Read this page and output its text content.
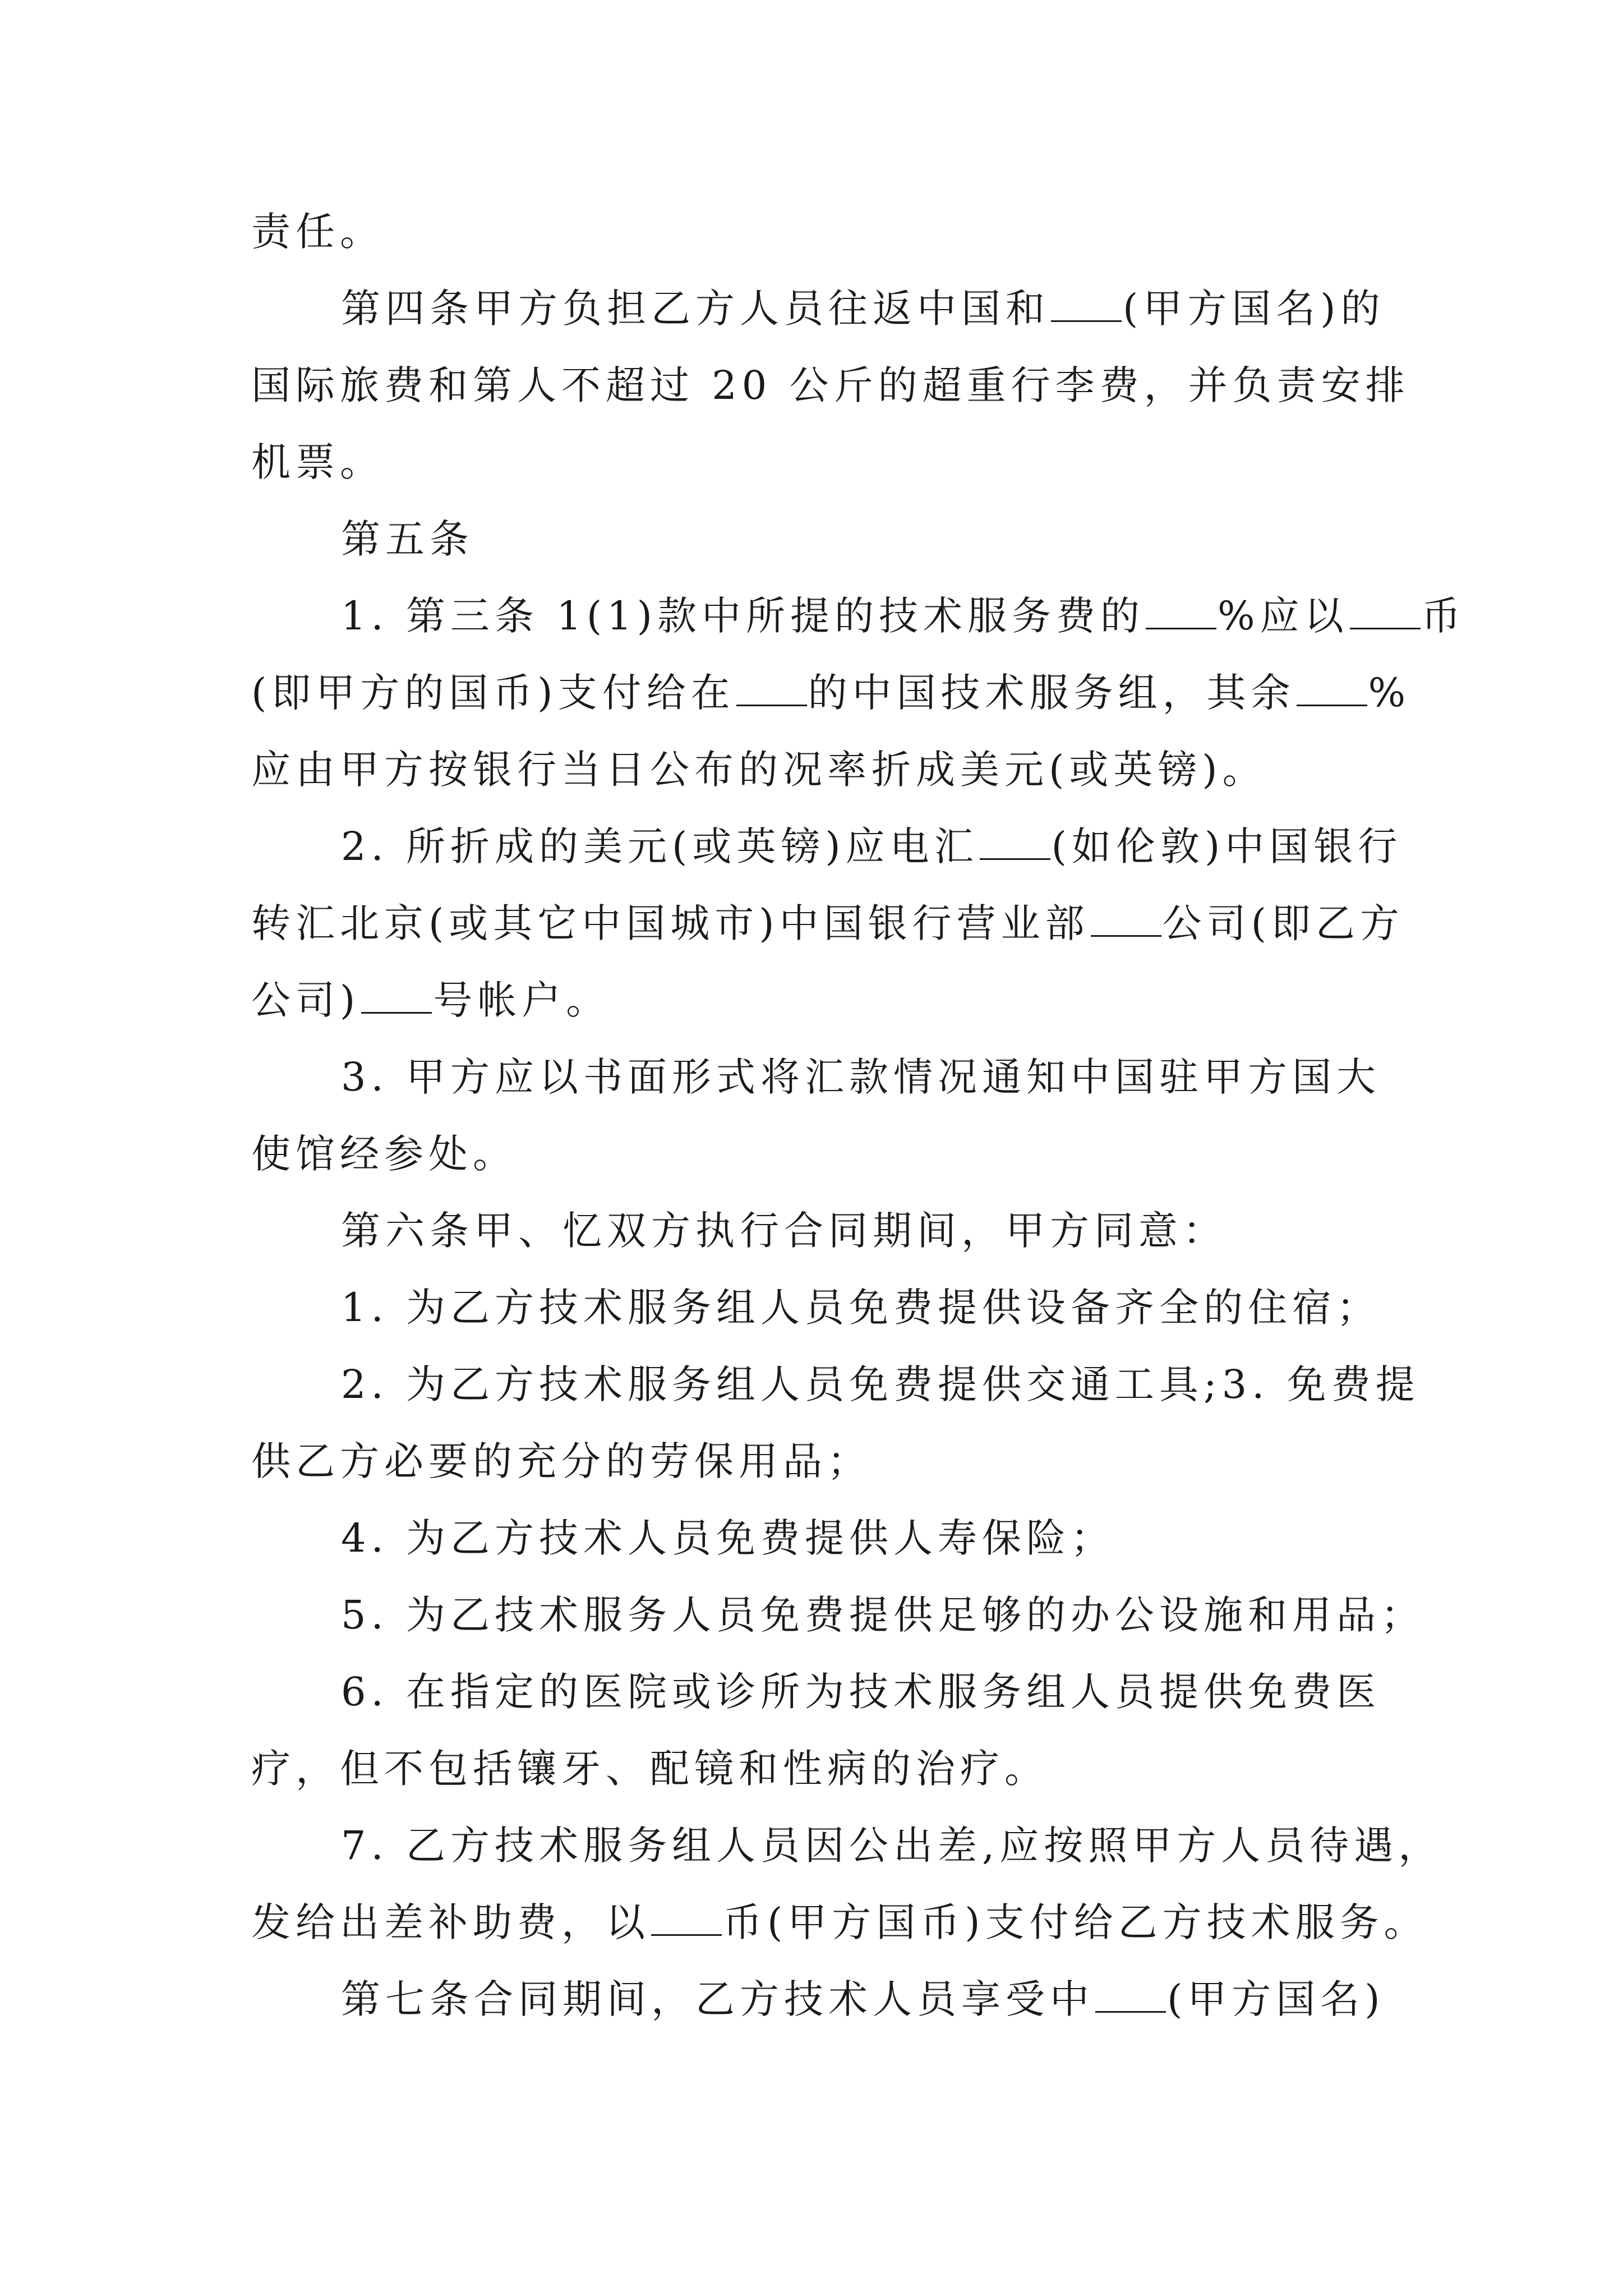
责任。
第四条甲方负担乙方人员往返中国和 (甲方国名)的
国际旅费和第人不超过 20 公斤的超重行李费，并负责安排
机票。
第五条
1. 第三条 1(1)款中所提的技术服务费的 %应以 币
(即甲方的国币)支付给在 的中国技术服务组，其余 %
应由甲方按银行当日公布的况率折成美元(或英镑)。
2. 所折成的美元(或英镑)应电汇 (如伦敦)中国银行
转汇北京(或其它中国城市)中国银行营业部 公司(即乙方
公司) 号帐户。
3. 甲方应以书面形式将汇款情况通知中国驻甲方国大
使馆经参处。
第六条甲、忆双方执行合同期间，甲方同意：
1. 为乙方技术服务组人员免费提供设备齐全的住宿；
2. 为乙方技术服务组人员免费提供交通工具;3. 免费提
供乙方必要的充分的劳保用品；
4. 为乙方技术人员免费提供人寿保险；
5. 为乙技术服务人员免费提供足够的办公设施和用品；
6. 在指定的医院或诊所为技术服务组人员提供免费医
疗，但不包括镶牙、配镜和性病的治疗。
7. 乙方技术服务组人员因公出差,应按照甲方人员待遇，
发给出差补助费，以 币(甲方国币)支付给乙方技术服务。
第七条合同期间，乙方技术人员享受中 (甲方国名)
